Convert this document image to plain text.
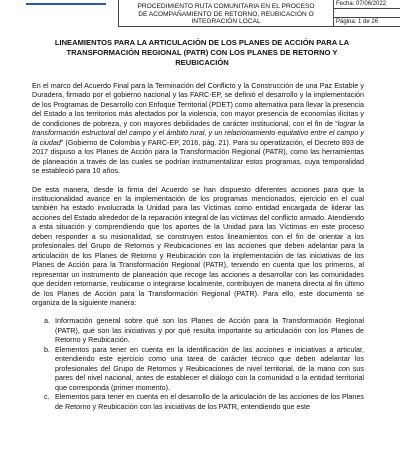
PROCEDIMIENTO RUTA COMUNITARIA EN EL PROCESO
DE ACOMPAÑAMIENTO DE RETORNO, REUBICACIÓN O
INTEGRACIÓN LOCAL
Fecha: 07/06/2022
Página: 1 de 26
LINEAMIENTOS PARA LA ARTICULACIÓN DE LOS PLANES DE ACCIÓN PARA LA TRANSFORMACIÓN REGIONAL (PATR) CON LOS PLANES DE RETORNO Y REUBICACIÓN

En el marco del Acuerdo Final para la Terminación del Conflicto y la Construcción de una Paz Estable y Duradera, firmado por el gobierno nacional y las FARC-EP, se definió el desarrollo y la implementación de los Programas de Desarrollo con Enfoque Territorial (PDET) como alternativa para llevar la presencia del Estado a los territorios más afectados por la violencia, con mayor presencia de economías ilícitas y de condiciones de pobreza, y con mayores debilidades de carácter institucional, con el fin de “lograr la transformación estructural del campo y el ámbito rural, y un relacionamiento equitativo entre el campo y la ciudad” (Gobierno de Colombia y FARC-EP, 2016, pág. 21). Para su operatización, el Decreto 893 de 2017 dispuso a los Planes de Acción para la Transformación Regional (PATR), como las herramientas de planeación a través de las cuales se podrían instrumentalizar estos programas, cuya temporalidad se estableció para 10 años.

De esta manera, desde la firma del Acuerdo se han dispuesto diferentes acciones para que la institucionalidad avance en la implementación de los programas mencionados, ejercicio en el cual también ha estado involucrada la Unidad para las Víctimas como entidad encargada de liderar las acciones del Estado alrededor de la reparación integral de las víctimas del conflicto armado. Atendiendo a esta situación y comprendiendo que los aportes de la Unidad para las Víctimas en este proceso deben responder a su misionalidad, se construyen estos lineamientos con el fin de orientar a los profesionales del Grupo de Retornos y Reubicaciones en las acciones que deben adelantar para la articulación de los Planes de Retorno y Reubicación con la implementación de las iniciativas de los Planes de Acción para la Transformación Regional (PATR), teniendo en cuenta que los primeros, al representar un instrumento de planeación que recoge las acciones a desarrollar con las comunidades que deciden retornarse, reubicarse o integrarse localmente, contribuyen de manera directa al fin último de los Planes de Acción para la Transformación Regional (PATR). Para ello, este documento se organiza de la siguiente manera:

a. Información general sobre qué son los Planes de Acción para la Transformación Regional (PATR), qué son las iniciativas y por qué resulta importante su articulación con los Planes de Retorno y Reubicación.
b. Elementos para tener en cuenta en la identificación de las acciones e iniciativas a articular, entendiendo este ejercicio como una tarea de carácter técnico que deben adelantar los profesionales del Grupo de Retornos y Reubicaciones de nivel territorial, de la mano con sus pares del nivel nacional, antes de establecer el diálogo con la comunidad o la entidad territorial que corresponda (primer momento).
c. Elementos para tener en cuenta en el desarrollo de la articulación de las acciones de los Planes de Retorno y Reubicación con las iniciativas de los PATR, entendiendo que este
